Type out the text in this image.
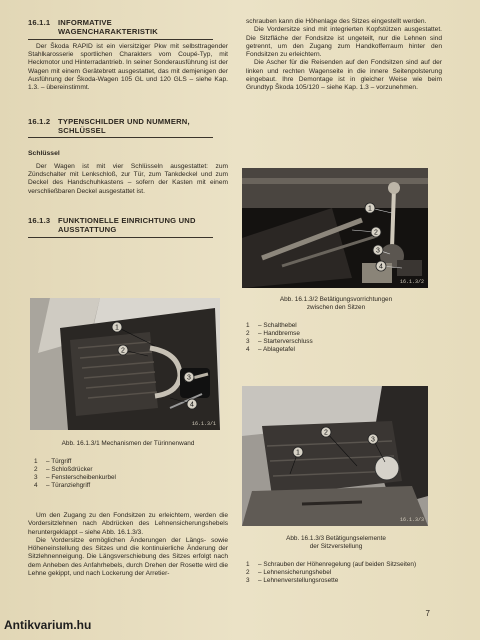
16.1.1 INFORMATIVE
WAGENCHARAKTERISTIK
Der Škoda RAPID ist ein viersitziger Pkw mit selbsttragender Stahlkarosserie sportlichen Charakters vom Coupé-Typ, mit Heckmotor und Hinterradantrieb. In seiner Sonderausführung ist der Wagen mit einem Gerätebrett ausgestattet, das mit demjenigen der Ausführung der Škoda-Wagen 105 GL und 120 GLS – siehe Kap. 1.3. – übereinstimmt.
16.1.2 TYPENSCHILDER UND NUMMERN,
SCHLÜSSEL
Schlüssel
Der Wagen ist mit vier Schlüsseln ausgestattet: zum Zündschalter mit Lenkschloß, zur Tür, zum Tankdeckel und zum Deckel des Handschuhkastens – sofern der Kasten mit einem verschließbaren Deckel ausgestattet ist.
16.1.3 FUNKTIONELLE EINRICHTUNG UND
AUSSTATTUNG
1
2
3
4
16.1.3/1
Abb. 16.1.3/1 Mechanismen der Türinnenwand
1 – Türgriff
2 – Schloßdrücker
3 – Fensterscheibenkurbel
4 – Türanziehgriff
Um den Zugang zu den Fondsitzen zu erleichtern, werden die Vordersitzlehnen nach Abdrücken des Lehnensicherungshebels heruntergeklappt – siehe Abb. 16.1.3/3.
Die Vordersitze ermöglichen Änderungen der Längs- sowie Höheneinstellung des Sitzes und die kontinuierliche Änderung der Sitzlehnenneigung. Die Längsverschiebung des Sitzes erfolgt nach dem Anheben des Anfahrhebels, durch Drehen der Rosette wird die Lehne gekippt, und nach Lockerung der Arretier-
schrauben kann die Höhenlage des Sitzes eingestellt werden.
Die Vordersitze sind mit integrierten Kopfstützen ausgestattet. Die Sitzfläche der Fondsitze ist ungeteilt, nur die Lehnen sind getrennt, um den Zugang zum Handkofferraum hinter den Fondsitzen zu erleichtern.
Die Ascher für die Reisenden auf den Fondsitzen sind auf der linken und rechten Wagenseite in die innere Seitenpolsterung eingebaut. Ihre Demontage ist in gleicher Weise wie beim Grundtyp Škoda 105/120 – siehe Kap. 1.3 – vorzunehmen.
1
2
3
4
16.1.3/2
Abb. 16.1.3/2 Betätigungsvorrichtungen
zwischen den Sitzen
1 – Schalthebel
2 – Handbremse
3 – Starterverschluss
4 – Ablagetafel
1
2
3
16.1.3/3
Abb. 16.1.3/3 Betätigungselemente
der Sitzverstellung
1 – Schrauben der Höhenregelung (auf beiden Sitzseiten)
2 – Lehnensicherungshebel
3 – Lehnenverstellungsrosette
7
Antikvarium.hu
